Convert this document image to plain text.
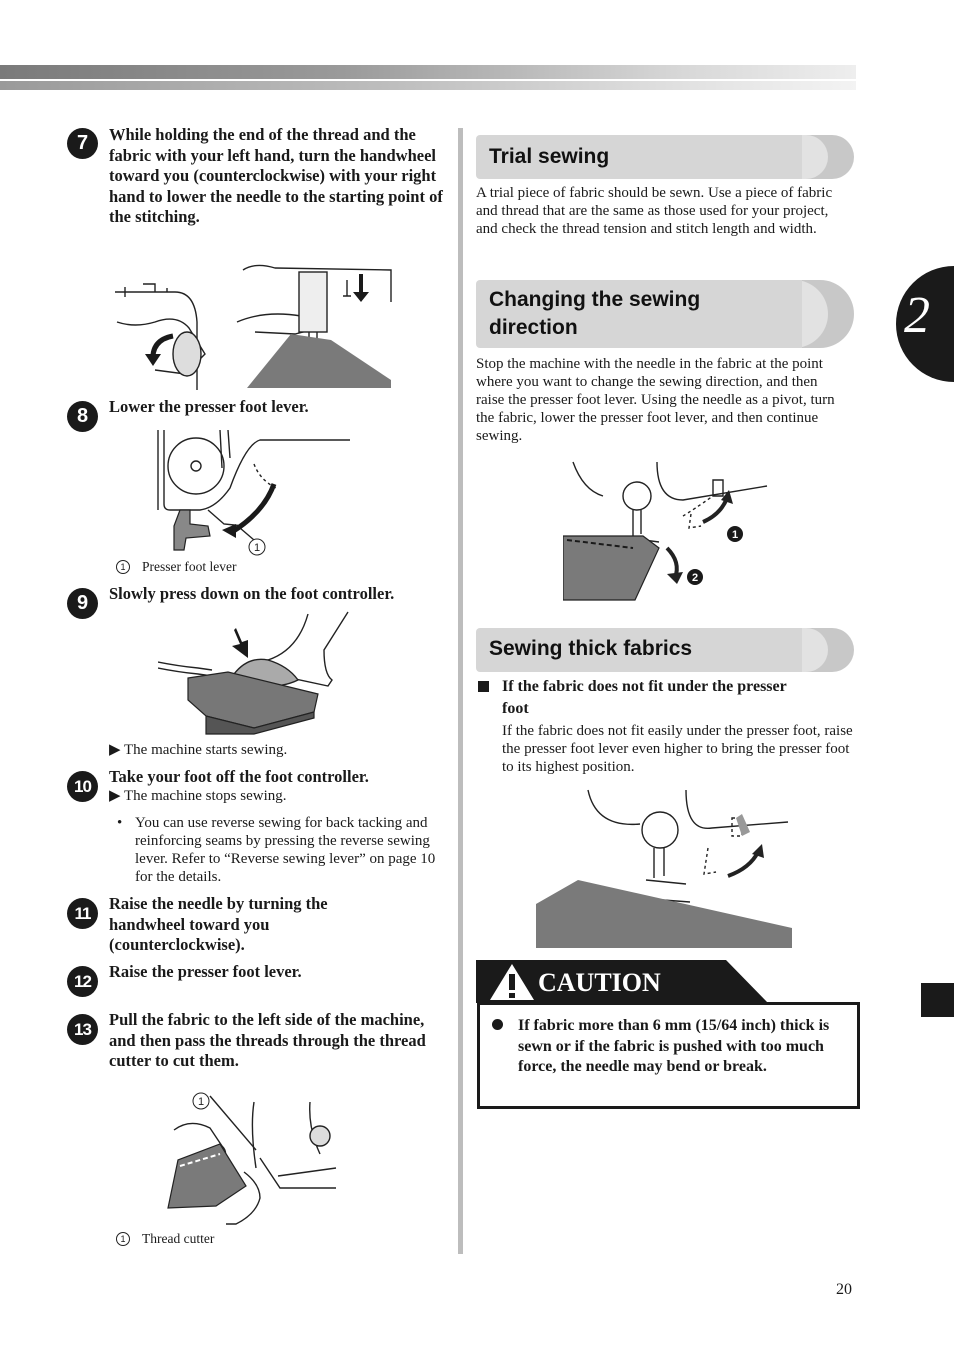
2
7	While holding the end of the thread and the fabric with your left hand, turn the handwheel toward you (counterclockwise) with your right hand to lower the needle to the starting point of the stitching.
8	Lower the presser foot lever.
1
1 Presser foot lever
9	Slowly press down on the foot controller.
▶ The machine starts sewing.
10
Take your foot off the foot controller.
▶ The machine stops sewing.
• You can use reverse sewing for back tacking and reinforcing seams by pressing the reverse sewing lever. Refer to “Reverse sewing lever” on page 10 for the details.
11
Raise the needle by turning the handwheel toward you (counterclockwise).
12
Raise the presser foot lever.
13
Pull the fabric to the left side of the machine, and then pass the threads through the thread cutter to cut them.
1
1 Thread cutter
Trial sewing
A trial piece of fabric should be sewn. Use a piece of fabric and thread that are the same as those used for your project, and check the thread tension and stitch length and width.
Changing the sewing
direction
Stop the machine with the needle in the fabric at the point where you want to change the sewing direction, and then raise the presser foot lever. Using the needle as a pivot, turn the fabric, lower the presser foot lever, and then continue sewing.
1
2
Sewing thick fabrics
If the fabric does not fit under the presser
foot
If the fabric does not fit easily under the presser foot, raise the presser foot lever even higher to bring the presser foot to its highest position.
CAUTION
If fabric more than 6 mm (15/64 inch) thick is sewn or if the fabric is pushed with too much force, the needle may bend or break.
20
